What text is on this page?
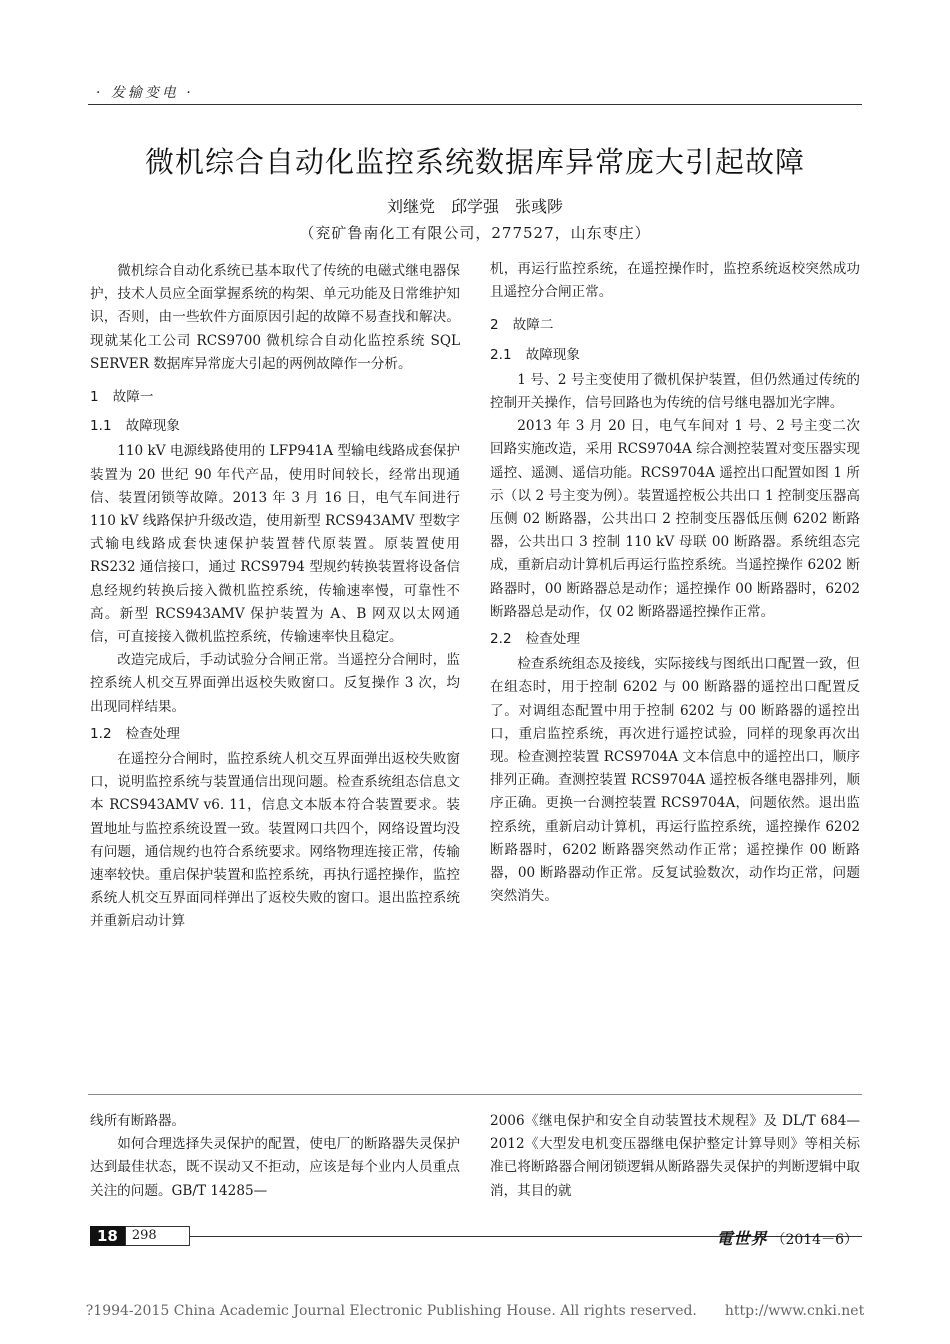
· 发输变电 ·
微机综合自动化监控系统数据库异常庞大引起故障
刘继党　邱学强　张彧陟
（兖矿鲁南化工有限公司，277527，山东枣庄）

微机综合自动化系统已基本取代了传统的电磁式继电器保护，技术人员应全面掌握系统的构架、单元功能及日常维护知识，否则，由一些软件方面原因引起的故障不易查找和解决。现就某化工公司 RCS9700 微机综合自动化监控系统 SQL SERVER 数据库异常庞大引起的两例故障作一分析。

1 故障一
1.1 故障现象

110 kV 电源线路使用的 LFP941A 型输电线路成套保护装置为 20 世纪 90 年代产品，使用时间较长，经常出现通信、装置闭锁等故障。2013 年 3 月 16 日，电气车间进行 110 kV 线路保护升级改造，使用新型 RCS943AMV 型数字式输电线路成套快速保护装置替代原装置。原装置使用 RS232 通信接口，通过 RCS9794 型规约转换装置将设备信息经规约转换后接入微机监控系统，传输速率慢，可靠性不高。新型 RCS943AMV 保护装置为 A、B 网双以太网通信，可直接接入微机监控系统，传输速率快且稳定。

改造完成后，手动试验分合闸正常。当遥控分合闸时，监控系统人机交互界面弹出返校失败窗口。反复操作 3 次，均出现同样结果。

1.2 检查处理

在遥控分合闸时，监控系统人机交互界面弹出返校失败窗口，说明监控系统与装置通信出现问题。检查系统组态信息文本 RCS943AMV v6. 11，信息文本版本符合装置要求。装置地址与监控系统设置一致。装置网口共四个，网络设置均没有问题，通信规约也符合系统要求。网络物理连接正常，传输速率较快。重启保护装置和监控系统，再执行遥控操作，监控系统人机交互界面同样弹出了返校失败的窗口。退出监控系统并重新启动计算

机，再运行监控系统，在遥控操作时，监控系统返校突然成功且遥控分合闸正常。

2 故障二
2.1 故障现象

1 号、2 号主变使用了微机保护装置，但仍然通过传统的控制开关操作，信号回路也为传统的信号继电器加光字牌。

2013 年 3 月 20 日，电气车间对 1 号、2 号主变二次回路实施改造，采用 RCS9704A 综合测控装置对变压器实现遥控、遥测、遥信功能。RCS9704A 遥控出口配置如图 1 所示（以 2 号主变为例）。装置遥控板公共出口 1 控制变压器高压侧 02 断路器，公共出口 2 控制变压器低压侧 6202 断路器，公共出口 3 控制 110 kV 母联 00 断路器。系统组态完成，重新启动计算机后再运行监控系统。当遥控操作 6202 断路器时，00 断路器总是动作；遥控操作 00 断路器时，6202 断路器总是动作，仅 02 断路器遥控操作正常。

2.2 检查处理

检查系统组态及接线，实际接线与图纸出口配置一致，但在组态时，用于控制 6202 与 00 断路器的遥控出口配置反了。对调组态配置中用于控制 6202 与 00 断路器的遥控出口，重启监控系统，再次进行遥控试验，同样的现象再次出现。检查测控装置 RCS9704A 文本信息中的遥控出口，顺序排列正确。查测控装置 RCS9704A 遥控板各继电器排列，顺序正确。更换一台测控装置 RCS9704A，问题依然。退出监控系统，重新启动计算机，再运行监控系统，遥控操作 6202 断路器时，6202 断路器突然动作正常；遥控操作 00 断路器，00 断路器动作正常。反复试验数次，动作均正常，问题突然消失。

线所有断路器。

如何合理选择失灵保护的配置，使电厂的断路器失灵保护达到最佳状态，既不误动又不拒动，应该是每个业内人员重点关注的问题。GB/T 14285—

2006《继电保护和安全自动装置技术规程》及 DL/T 684—2012《大型发电机变压器继电保护整定计算导则》等相关标准已将断路器合闸闭锁逻辑从断路器失灵保护的判断逻辑中取消，其目的就

18	298	電世界 （2014－6）
?1994-2015 China Academic Journal Electronic Publishing House. All rights reserved.　　http://www.cnki.net
